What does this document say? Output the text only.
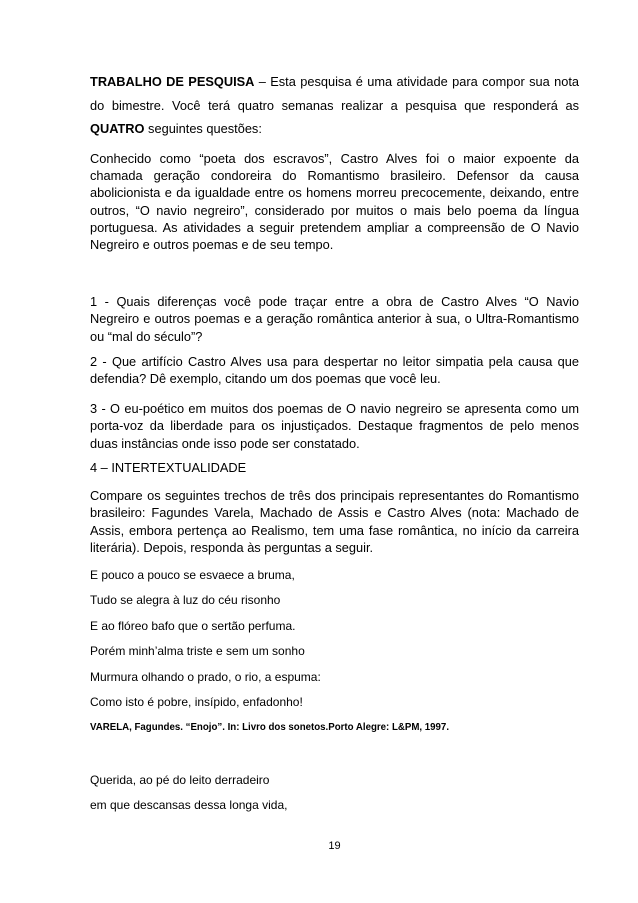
TRABALHO DE PESQUISA – Esta pesquisa é uma atividade para compor sua nota
do bimestre. Você terá quatro semanas realizar a pesquisa que responderá as
QUATRO seguintes questões:
Conhecido como “poeta dos escravos”, Castro Alves foi o maior expoente da
chamada geração condoreira do Romantismo brasileiro. Defensor da causa
abolicionista e da igualdade entre os homens morreu precocemente, deixando, entre
outros, “O navio negreiro”, considerado por muitos o mais belo poema da língua
portuguesa. As atividades a seguir pretendem ampliar a compreensão de O Navio
Negreiro e outros poemas e de seu tempo.
1 - Quais diferenças você pode traçar entre a obra de Castro Alves “O Navio
Negreiro e outros poemas e a geração romântica anterior à sua, o Ultra-Romantismo
ou “mal do século”?
2 - Que artifício Castro Alves usa para despertar no leitor simpatia pela causa que
defendia? Dê exemplo, citando um dos poemas que você leu.
3 - O eu-poético em muitos dos poemas de O navio negreiro se apresenta como um
porta-voz da liberdade para os injustiçados. Destaque fragmentos de pelo menos
duas instâncias onde isso pode ser constatado.
4 – INTERTEXTUALIDADE
Compare os seguintes trechos de três dos principais representantes do Romantismo
brasileiro: Fagundes Varela, Machado de Assis e Castro Alves (nota: Machado de
Assis, embora pertença ao Realismo, tem uma fase romântica, no início da carreira
literária). Depois, responda às perguntas a seguir.
E pouco a pouco se esvaece a bruma,
Tudo se alegra à luz do céu risonho
E ao flóreo bafo que o sertão perfuma.
Porém minh’alma triste e sem um sonho
Murmura olhando o prado, o rio, a espuma:
Como isto é pobre, insípido, enfadonho!
VARELA, Fagundes. “Enojo”. In: Livro dos sonetos.Porto Alegre: L&PM, 1997.
Querida, ao pé do leito derradeiro
em que descansas dessa longa vida,
19
